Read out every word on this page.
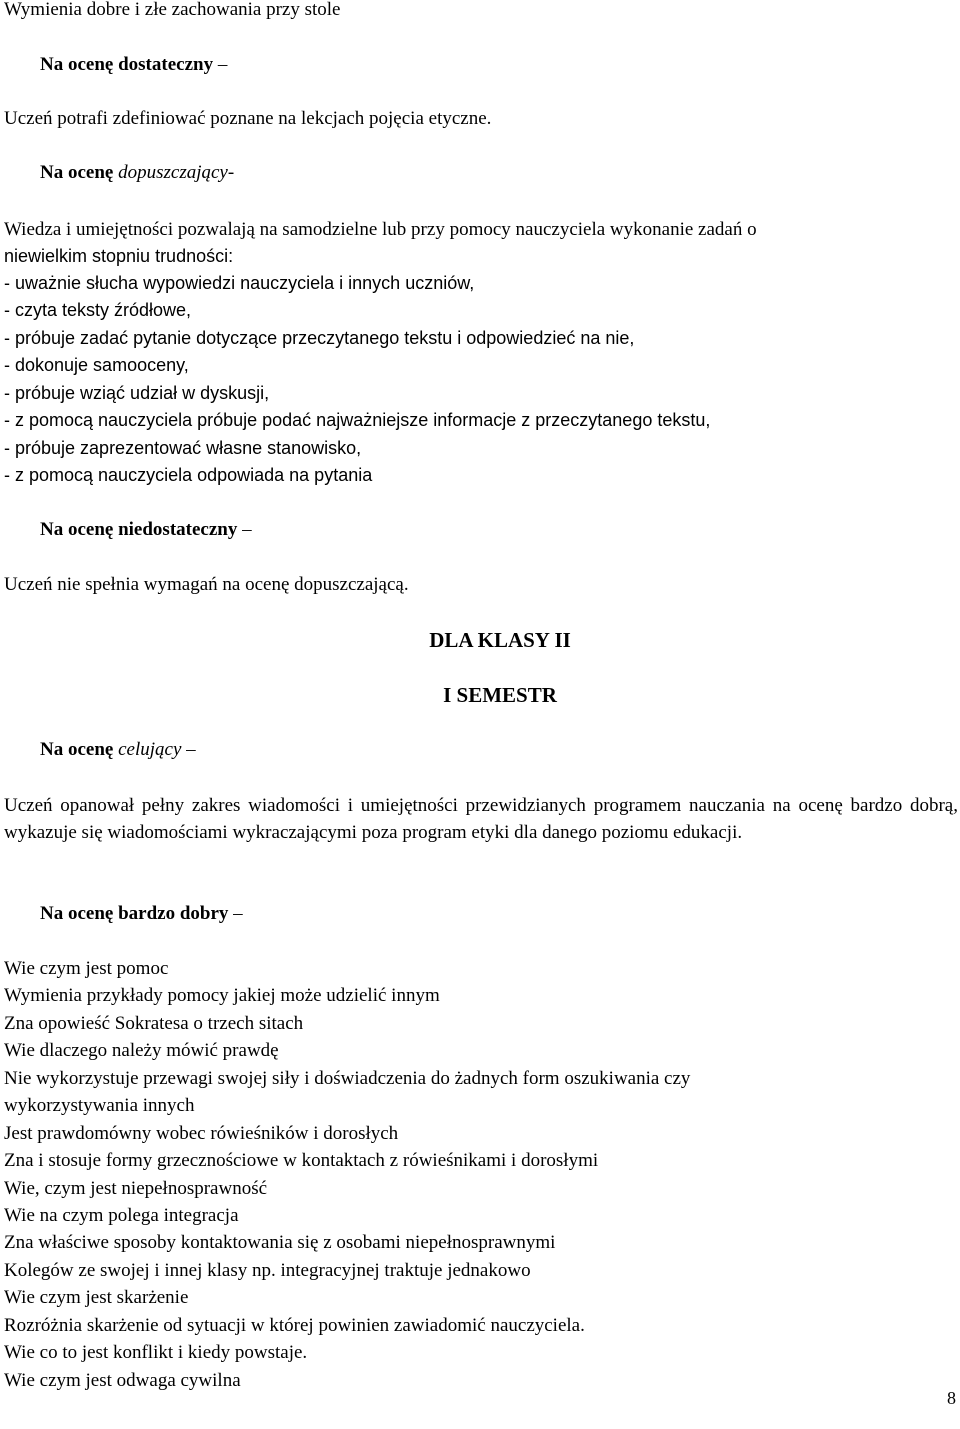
Wymienia dobre i złe zachowania przy stole
Na ocenę dostateczny –
Uczeń potrafi zdefiniować poznane na lekcjach pojęcia etyczne.
Na ocenę dopuszczający-
Wiedza i umiejętności pozwalają na samodzielne lub przy pomocy nauczyciela wykonanie zadań o
niewielkim stopniu trudności:
- uważnie słucha wypowiedzi nauczyciela i innych uczniów,
- czyta teksty źródłowe,
- próbuje zadać pytanie dotyczące przeczytanego tekstu i odpowiedzieć na nie,
- dokonuje samooceny,
- próbuje wziąć udział w dyskusji,
- z pomocą nauczyciela próbuje podać najważniejsze informacje z przeczytanego tekstu,
- próbuje zaprezentować własne stanowisko,
- z pomocą nauczyciela odpowiada na pytania
Na ocenę niedostateczny –
Uczeń nie spełnia wymagań na ocenę dopuszczającą.
DLA KLASY II
I SEMESTR
Na ocenę celujący –
Uczeń opanował pełny zakres wiadomości i umiejętności przewidzianych programem nauczania na ocenę bardzo dobrą, wykazuje się wiadomościami wykraczającymi poza program etyki dla danego poziomu edukacji.
Na ocenę bardzo dobry –
Wie czym jest pomoc
Wymienia przykłady pomocy jakiej może udzielić innym
Zna opowieść Sokratesa o trzech sitach
Wie dlaczego należy mówić prawdę
Nie wykorzystuje przewagi swojej siły i doświadczenia do żadnych form oszukiwania czy
wykorzystywania innych
Jest prawdomówny wobec rówieśników i dorosłych
Zna i stosuje formy grzecznościowe w kontaktach z rówieśnikami i dorosłymi
Wie, czym jest niepełnosprawność
Wie na czym polega integracja
Zna właściwe sposoby kontaktowania się z osobami niepełnosprawnymi
Kolegów ze swojej i innej klasy np. integracyjnej traktuje jednakowo
Wie czym jest skarżenie
Rozróżnia skarżenie od sytuacji w której powinien zawiadomić nauczyciela.
Wie co to jest konflikt i kiedy powstaje.
Wie czym jest odwaga cywilna
8
